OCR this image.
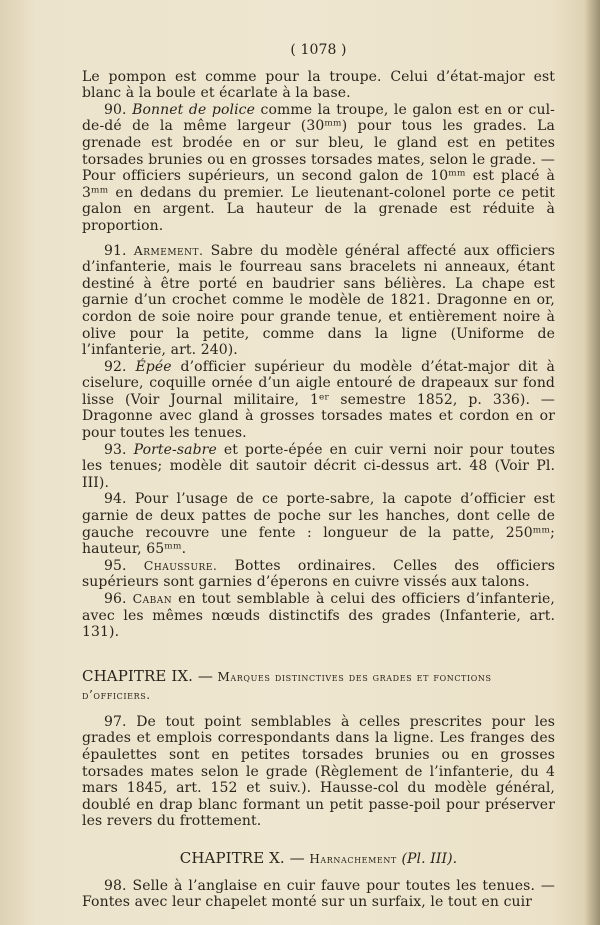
( 1078 )

Le pompon est comme pour la troupe. Celui d’état-major est blanc à la boule et écarlate à la base.

90. Bonnet de police comme la troupe, le galon est en or cul-de-dé de la même largeur (30ᵐᵐ) pour tous les grades. La grenade est brodée en or sur bleu, le gland est en petites torsades brunies ou en grosses torsades mates, selon le grade. — Pour officiers supérieurs, un second galon de 10ᵐᵐ est placé à 3ᵐᵐ en dedans du premier. Le lieutenant-colonel porte ce petit galon en argent. La hauteur de la grenade est réduite à proportion.

91. Armement. Sabre du modèle général affecté aux officiers d’infanterie, mais le fourreau sans bracelets ni anneaux, étant destiné à être porté en baudrier sans bélières. La chape est garnie d’un crochet comme le modèle de 1821. Dragonne en or, cordon de soie noire pour grande tenue, et entièrement noire à olive pour la petite, comme dans la ligne (Uniforme de l’infanterie, art. 240).

92. Épée d’officier supérieur du modèle d’état-major dit à ciselure, coquille ornée d’un aigle entouré de drapeaux sur fond lisse (Voir Journal militaire, 1ᵉʳ semestre 1852, p. 336). — Dragonne avec gland à grosses torsades mates et cordon en or pour toutes les tenues.

93. Porte-sabre et porte-épée en cuir verni noir pour toutes les tenues; modèle dit sautoir décrit ci-dessus art. 48 (Voir Pl. III).

94. Pour l’usage de ce porte-sabre, la capote d’officier est garnie de deux pattes de poche sur les hanches, dont celle de gauche recouvre une fente : longueur de la patte, 250ᵐᵐ; hauteur, 65ᵐᵐ.

95. Chaussure. Bottes ordinaires. Celles des officiers supérieurs sont garnies d’éperons en cuivre vissés aux talons.

96. Caban en tout semblable à celui des officiers d’infanterie, avec les mêmes nœuds distinctifs des grades (Infanterie, art. 131).

CHAPITRE IX. — Marques distinctives des grades et fonctions d’officiers.

97. De tout point semblables à celles prescrites pour les grades et emplois correspondants dans la ligne. Les franges des épaulettes sont en petites torsades brunies ou en grosses torsades mates selon le grade (Règlement de l’infanterie, du 4 mars 1845, art. 152 et suiv.). Hausse-col du modèle général, doublé en drap blanc formant un petit passe-poil pour préserver les revers du frottement.

CHAPITRE X. — Harnachement (Pl. III).

98. Selle à l’anglaise en cuir fauve pour toutes les tenues. — Fontes avec leur chapelet monté sur un surfaix, le tout en cuir
